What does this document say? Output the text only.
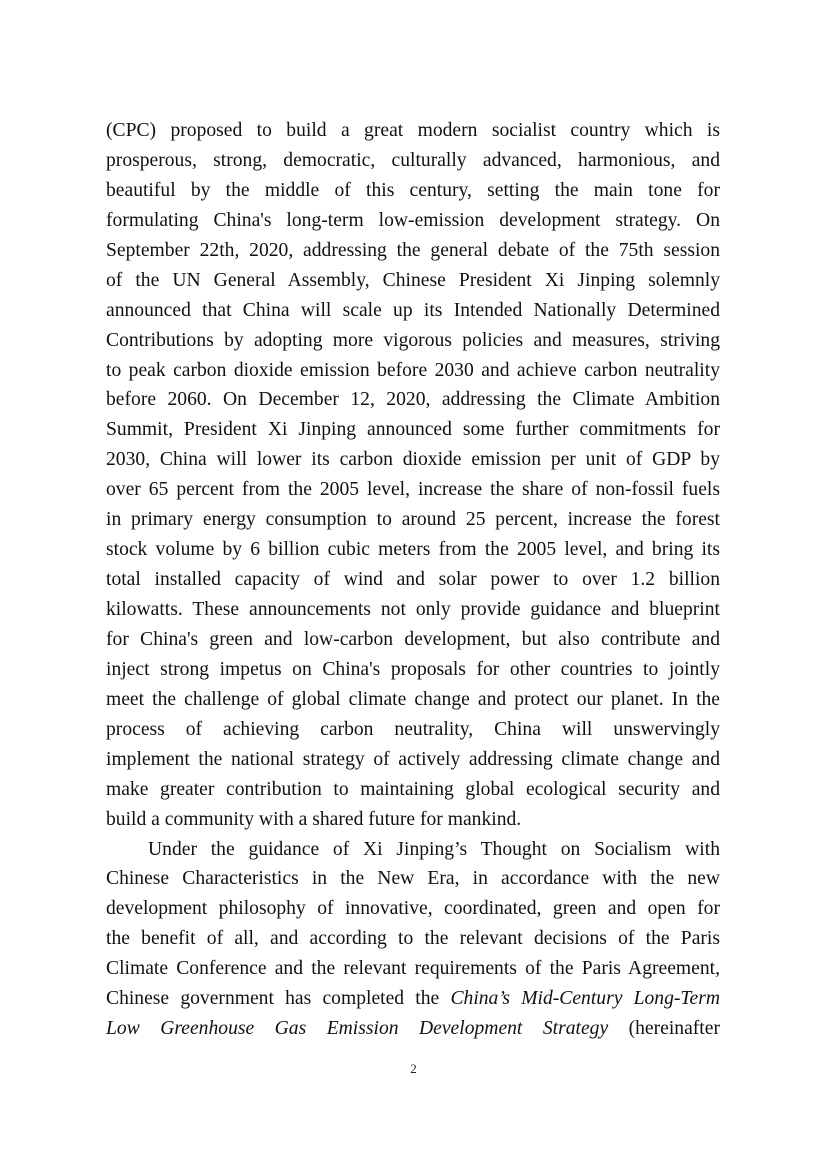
(CPC) proposed to build a great modern socialist country which is
prosperous, strong, democratic, culturally advanced, harmonious, and
beautiful by the middle of this century, setting the main tone for
formulating China's long-term low-emission development strategy. On
September 22th, 2020, addressing the general debate of the 75th session
of the UN General Assembly, Chinese President Xi Jinping solemnly
announced that China will scale up its Intended Nationally Determined
Contributions by adopting more vigorous policies and measures, striving
to peak carbon dioxide emission before 2030 and achieve carbon neutrality
before 2060. On December 12, 2020, addressing the Climate Ambition
Summit, President Xi Jinping announced some further commitments for
2030, China will lower its carbon dioxide emission per unit of GDP by
over 65 percent from the 2005 level, increase the share of non-fossil fuels
in primary energy consumption to around 25 percent, increase the forest
stock volume by 6 billion cubic meters from the 2005 level, and bring its
total installed capacity of wind and solar power to over 1.2 billion
kilowatts. These announcements not only provide guidance and blueprint
for China's green and low-carbon development, but also contribute and
inject strong impetus on China's proposals for other countries to jointly
meet the challenge of global climate change and protect our planet. In the
process of achieving carbon neutrality, China will unswervingly
implement the national strategy of actively addressing climate change and
make greater contribution to maintaining global ecological security and
build a community with a shared future for mankind.
Under the guidance of Xi Jinping’s Thought on Socialism with
Chinese Characteristics in the New Era, in accordance with the new
development philosophy of innovative, coordinated, green and open for
the benefit of all, and according to the relevant decisions of the Paris
Climate Conference and the relevant requirements of the Paris Agreement,
Chinese government has completed the China’s Mid-Century Long-Term
Low Greenhouse Gas Emission Development Strategy (hereinafter
2
